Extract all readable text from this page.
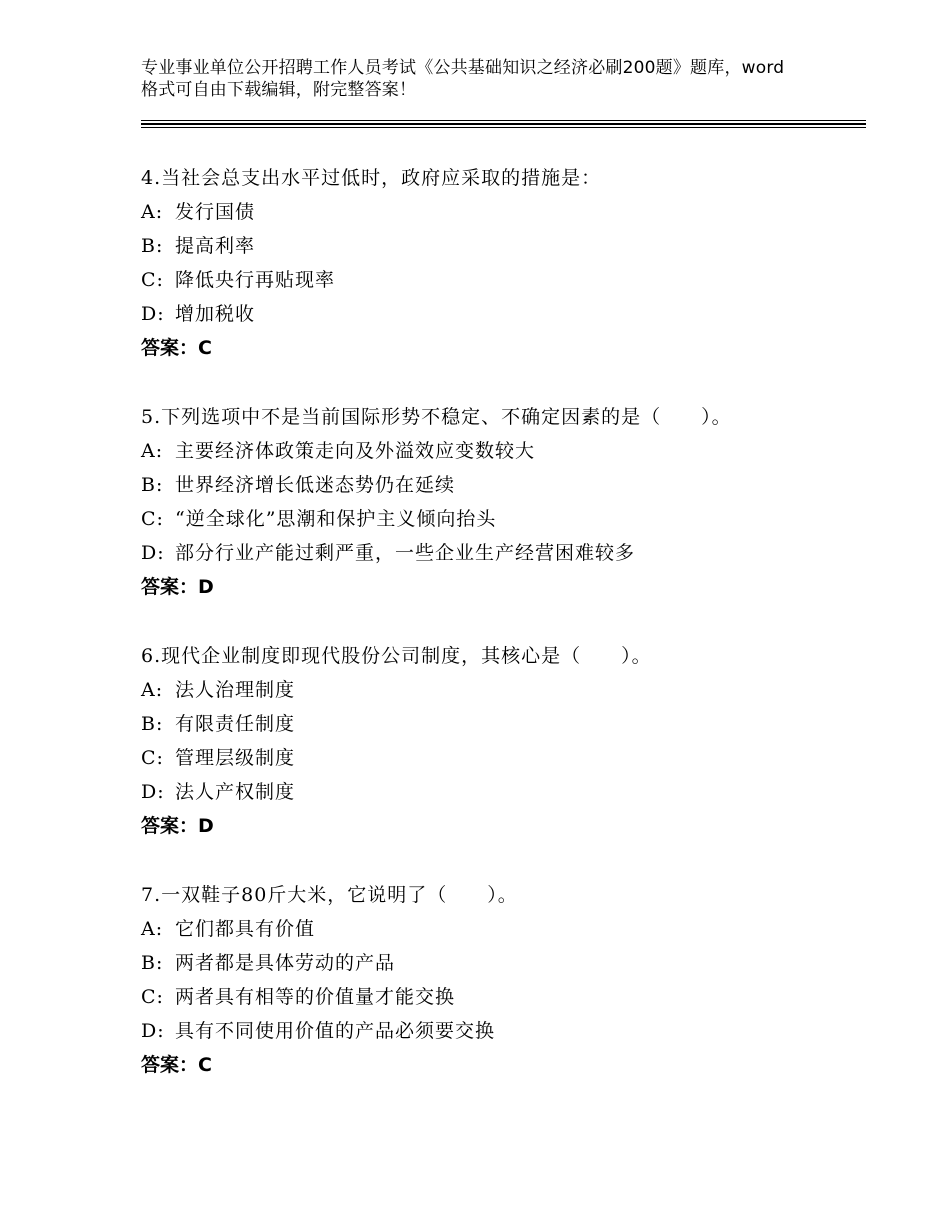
专业事业单位公开招聘工作人员考试《公共基础知识之经济必刷200题》题库，word格式可自由下载编辑，附完整答案！
4.当社会总支出水平过低时，政府应采取的措施是：
A: 发行国债
B: 提高利率
C: 降低央行再贴现率
D: 增加税收
答案：C
5.下列选项中不是当前国际形势不稳定、不确定因素的是（　　）。
A: 主要经济体政策走向及外溢效应变数较大
B: 世界经济增长低迷态势仍在延续
C: “逆全球化”思潮和保护主义倾向抬头
D: 部分行业产能过剩严重，一些企业生产经营困难较多
答案：D
6.现代企业制度即现代股份公司制度，其核心是（　　）。
A: 法人治理制度
B: 有限责任制度
C: 管理层级制度
D: 法人产权制度
答案：D
7.一双鞋子80斤大米，它说明了（　　）。
A: 它们都具有价值
B: 两者都是具体劳动的产品
C: 两者具有相等的价值量才能交换
D: 具有不同使用价值的产品必须要交换
答案：C
